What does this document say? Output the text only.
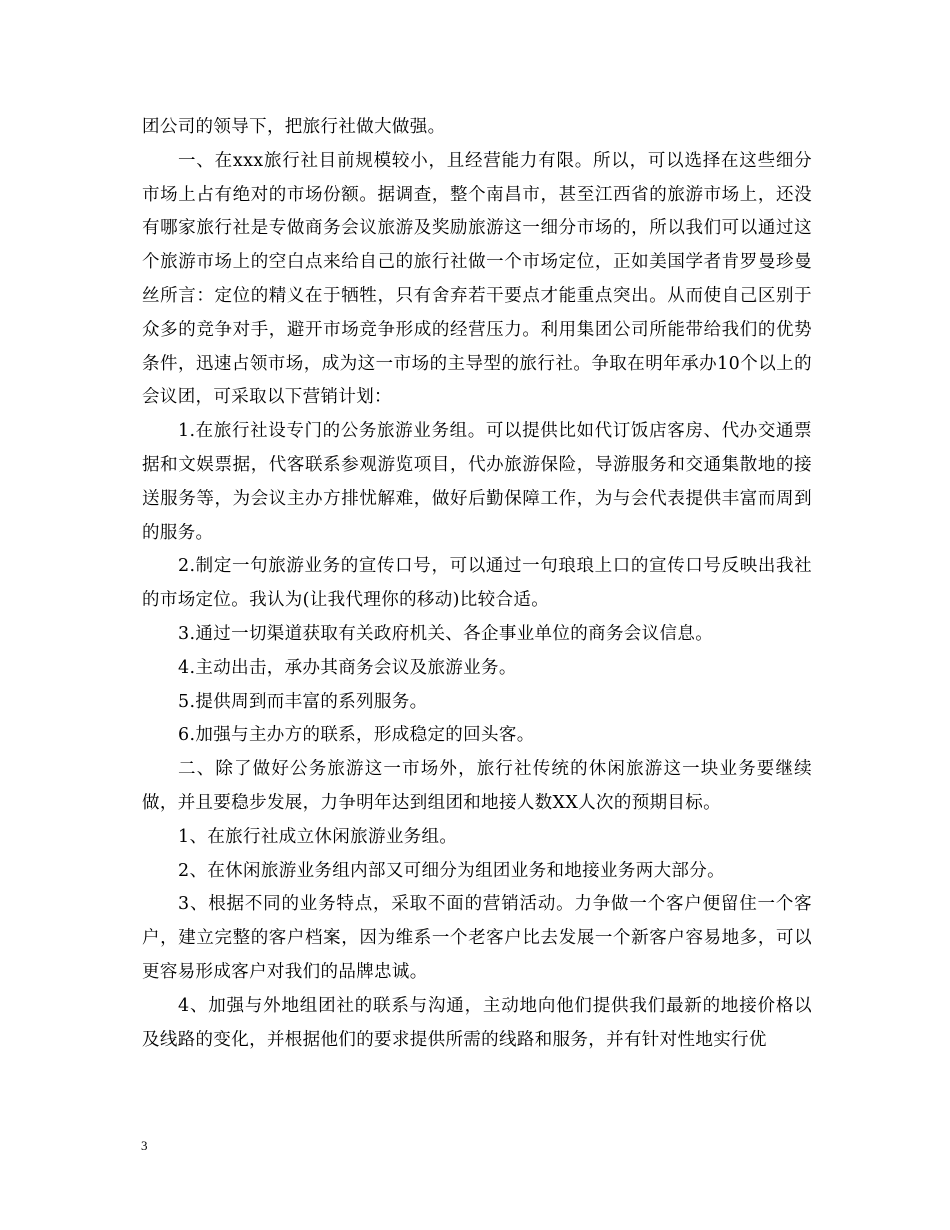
团公司的领导下，把旅行社做大做强。

一、在xxx旅行社目前规模较小，且经营能力有限。所以，可以选择在这些细分市场上占有绝对的市场份额。据调查，整个南昌市，甚至江西省的旅游市场上，还没有哪家旅行社是专做商务会议旅游及奖励旅游这一细分市场的，所以我们可以通过这个旅游市场上的空白点来给自己的旅行社做一个市场定位，正如美国学者肯罗曼珍曼丝所言：定位的精义在于牺牲，只有舍弃若干要点才能重点突出。从而使自己区别于众多的竞争对手，避开市场竞争形成的经营压力。利用集团公司所能带给我们的优势条件，迅速占领市场，成为这一市场的主导型的旅行社。争取在明年承办10个以上的会议团，可采取以下营销计划：

1.在旅行社设专门的公务旅游业务组。可以提供比如代订饭店客房、代办交通票据和文娱票据，代客联系参观游览项目，代办旅游保险，导游服务和交通集散地的接送服务等，为会议主办方排忧解难，做好后勤保障工作，为与会代表提供丰富而周到的服务。

2.制定一句旅游业务的宣传口号，可以通过一句琅琅上口的宣传口号反映出我社的市场定位。我认为(让我代理你的移动)比较合适。

3.通过一切渠道获取有关政府机关、各企事业单位的商务会议信息。

4.主动出击，承办其商务会议及旅游业务。

5.提供周到而丰富的系列服务。

6.加强与主办方的联系，形成稳定的回头客。

二、除了做好公务旅游这一市场外，旅行社传统的休闲旅游这一块业务要继续做，并且要稳步发展，力争明年达到组团和地接人数XX人次的预期目标。

1、在旅行社成立休闲旅游业务组。

2、在休闲旅游业务组内部又可细分为组团业务和地接业务两大部分。

3、根据不同的业务特点，采取不面的营销活动。力争做一个客户便留住一个客户，建立完整的客户档案，因为维系一个老客户比去发展一个新客户容易地多，可以更容易形成客户对我们的品牌忠诚。

4、加强与外地组团社的联系与沟通，主动地向他们提供我们最新的地接价格以及线路的变化，并根据他们的要求提供所需的线路和服务，并有针对性地实行优

3
